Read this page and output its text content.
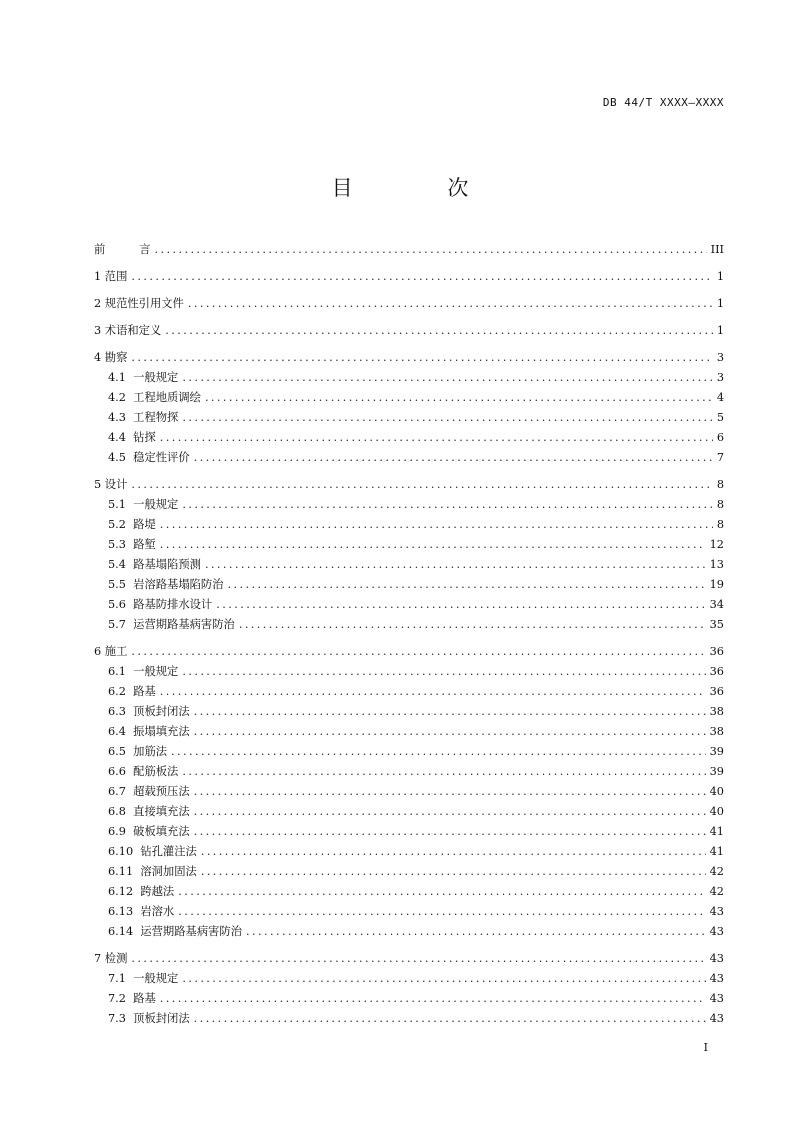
DB 44/T XXXX—XXXX
目 次
前　　　言 .....	III
1 范围 .....	1
2 规范性引用文件 .....	1
3 术语和定义 .....	1
4 勘察 .....	3
4.1  一般规定 .....	3
4.2  工程地质调绘 .....	4
4.3  工程物探 .....	5
4.4  钻探 .....	6
4.5  稳定性评价 .....	7
5 设计 .....	8
5.1  一般规定 .....	8
5.2  路堤 .....	8
5.3  路堑 .....	12
5.4  路基塌陷预测 .....	13
5.5  岩溶路基塌陷防治 .....	19
5.6  路基防排水设计 .....	34
5.7  运营期路基病害防治 .....	35
6 施工 .....	36
6.1  一般规定 .....	36
6.2  路基 .....	36
6.3  顶板封闭法 .....	38
6.4  振塌填充法 .....	38
6.5  加筋法 .....	39
6.6  配筋板法 .....	39
6.7  超载预压法 .....	40
6.8  直接填充法 .....	40
6.9  破板填充法 .....	41
6.10  钻孔灌注法 .....	41
6.11  溶洞加固法 .....	42
6.12  跨越法 .....	42
6.13  岩溶水 .....	43
6.14  运营期路基病害防治 .....	43
7 检测 .....	43
7.1  一般规定 .....	43
7.2  路基 .....	43
7.3  顶板封闭法 .....	43
I
